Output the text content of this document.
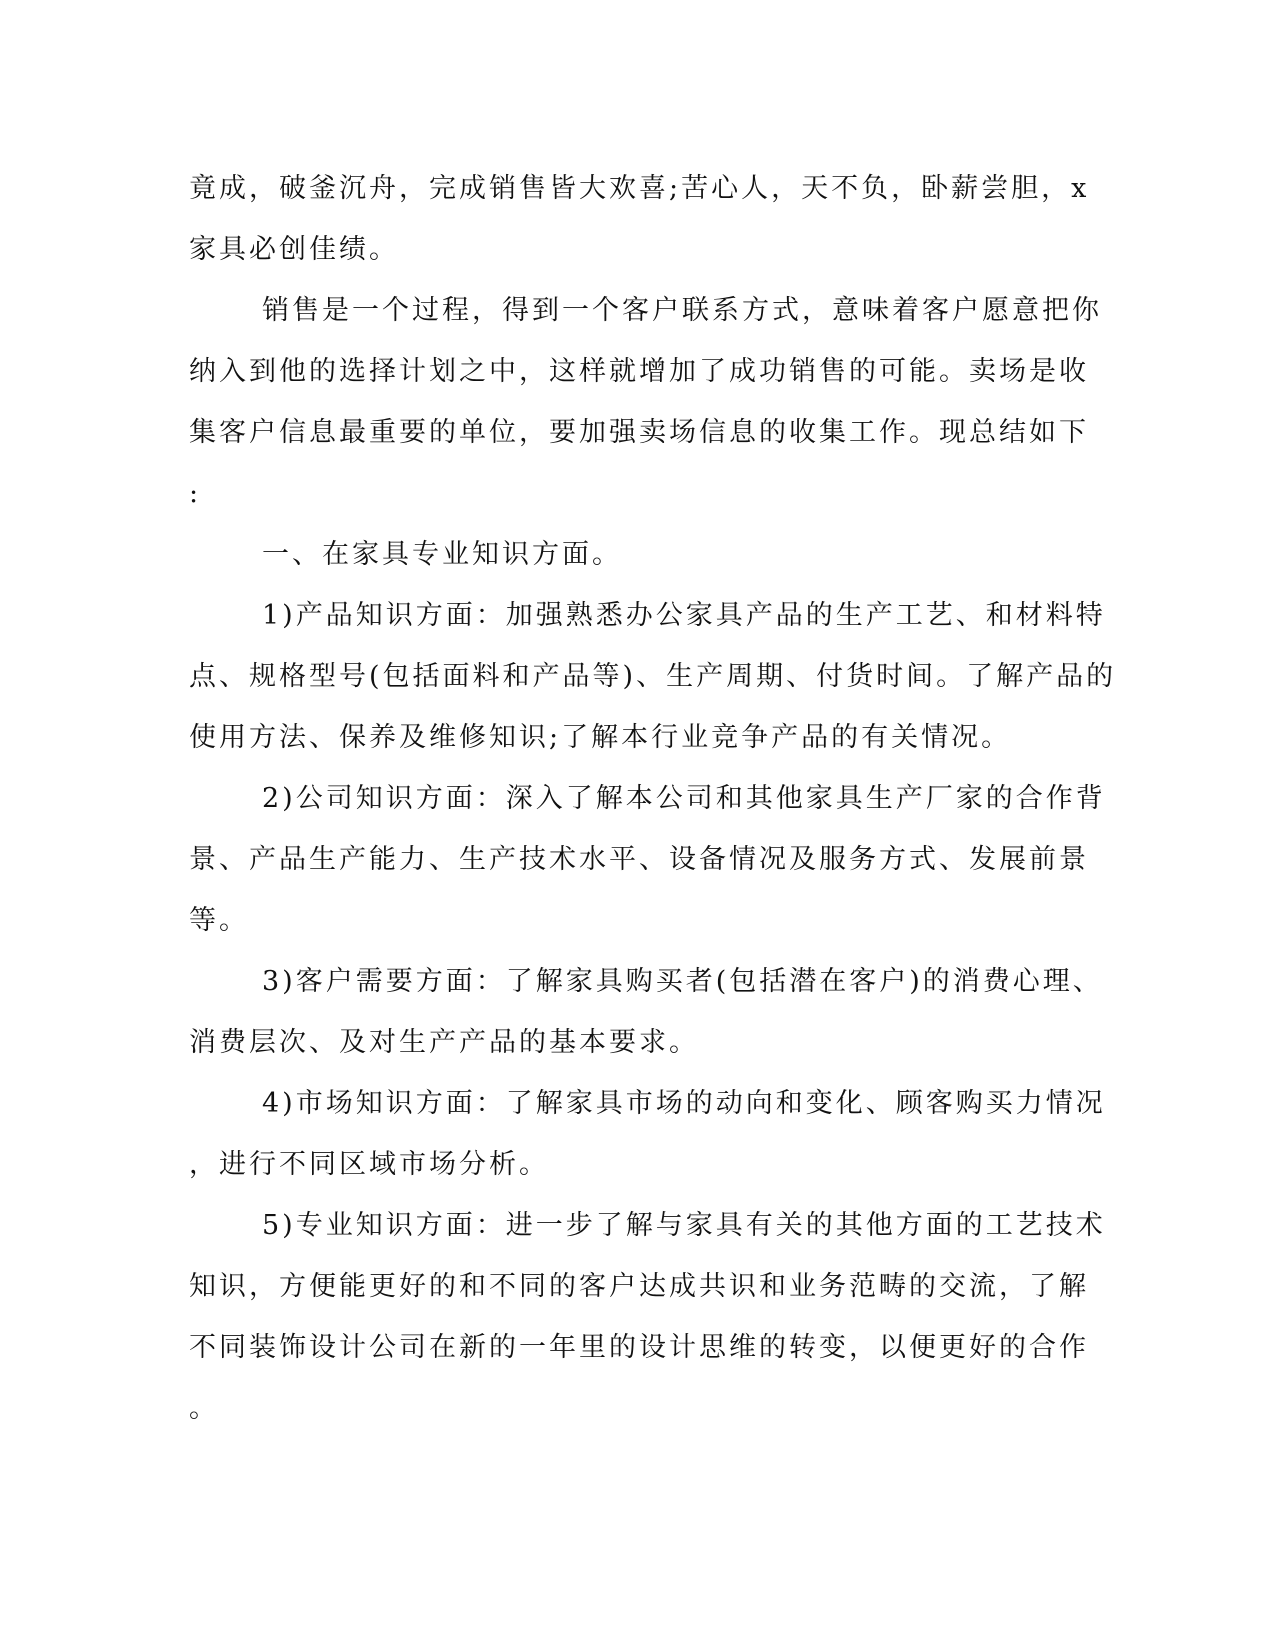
竟成，破釜沉舟，完成销售皆大欢喜;苦心人，天不负，卧薪尝胆，x
家具必创佳绩。
销售是一个过程，得到一个客户联系方式，意味着客户愿意把你
纳入到他的选择计划之中，这样就增加了成功销售的可能。卖场是收
集客户信息最重要的单位，要加强卖场信息的收集工作。现总结如下
:
一、在家具专业知识方面。
1)产品知识方面：加强熟悉办公家具产品的生产工艺、和材料特
点、规格型号(包括面料和产品等)、生产周期、付货时间。了解产品的
使用方法、保养及维修知识;了解本行业竞争产品的有关情况。
2)公司知识方面：深入了解本公司和其他家具生产厂家的合作背
景、产品生产能力、生产技术水平、设备情况及服务方式、发展前景
等。
3)客户需要方面：了解家具购买者(包括潜在客户)的消费心理、
消费层次、及对生产产品的基本要求。
4)市场知识方面：了解家具市场的动向和变化、顾客购买力情况
，进行不同区域市场分析。
5)专业知识方面：进一步了解与家具有关的其他方面的工艺技术
知识，方便能更好的和不同的客户达成共识和业务范畴的交流，了解
不同装饰设计公司在新的一年里的设计思维的转变，以便更好的合作
。
